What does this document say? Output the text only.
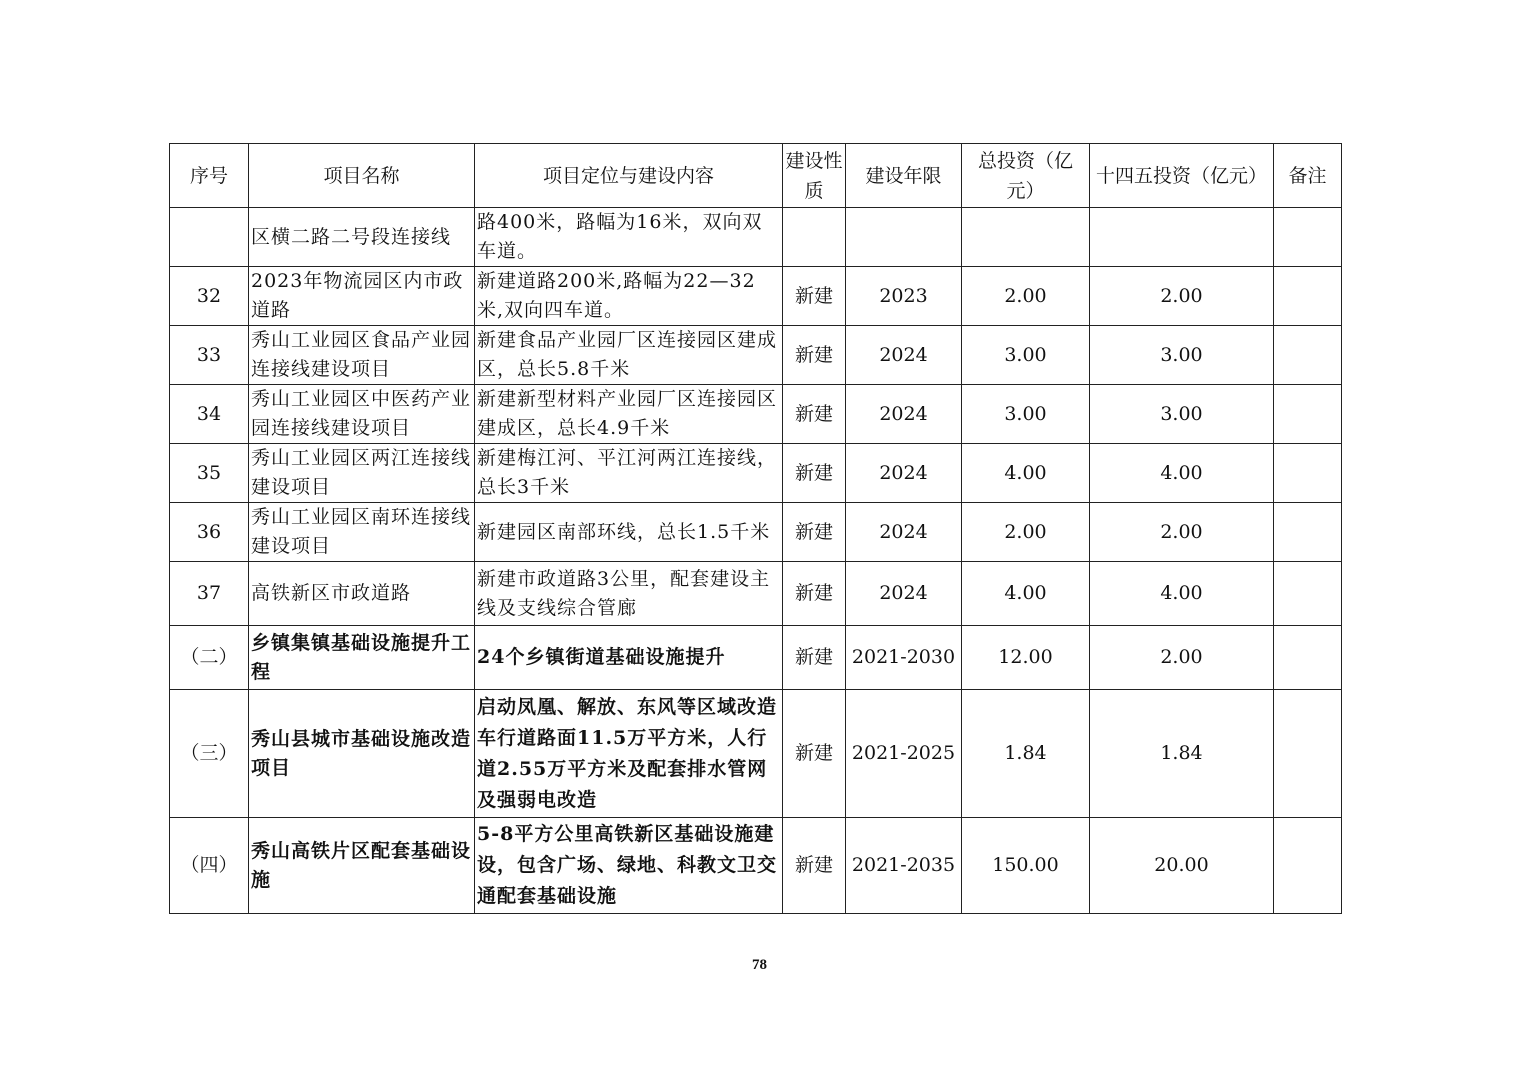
序号	项目名称	项目定位与建设内容	建设性质	建设年限	总投资（亿元）	十四五投资（亿元）	备注
	区横二路二号段连接线	路400米，路幅为16米，双向双车道。					
32	2023年物流园区内市政道路	新建道路200米,路幅为22—32米,双向四车道。	新建	2023	2.00	2.00	
33	秀山工业园区食品产业园连接线建设项目	新建食品产业园厂区连接园区建成区，总长5.8千米	新建	2024	3.00	3.00	
34	秀山工业园区中医药产业园连接线建设项目	新建新型材料产业园厂区连接园区建成区，总长4.9千米	新建	2024	3.00	3.00	
35	秀山工业园区两江连接线建设项目	新建梅江河、平江河两江连接线，总长3千米	新建	2024	4.00	4.00	
36	秀山工业园区南环连接线建设项目	新建园区南部环线，总长1.5千米	新建	2024	2.00	2.00	
37	高铁新区市政道路	新建市政道路3公里，配套建设主线及支线综合管廊	新建	2024	4.00	4.00	
（二）	乡镇集镇基础设施提升工程	24个乡镇街道基础设施提升	新建	2021-2030	12.00	2.00	
（三）	秀山县城市基础设施改造项目	启动凤凰、解放、东风等区域改造车行道路面11.5万平方米，人行道2.55万平方米及配套排水管网及强弱电改造	新建	2021-2025	1.84	1.84	
（四）	秀山高铁片区配套基础设施	5-8平方公里高铁新区基础设施建设，包含广场、绿地、科教文卫交通配套基础设施	新建	2021-2035	150.00	20.00	
78
